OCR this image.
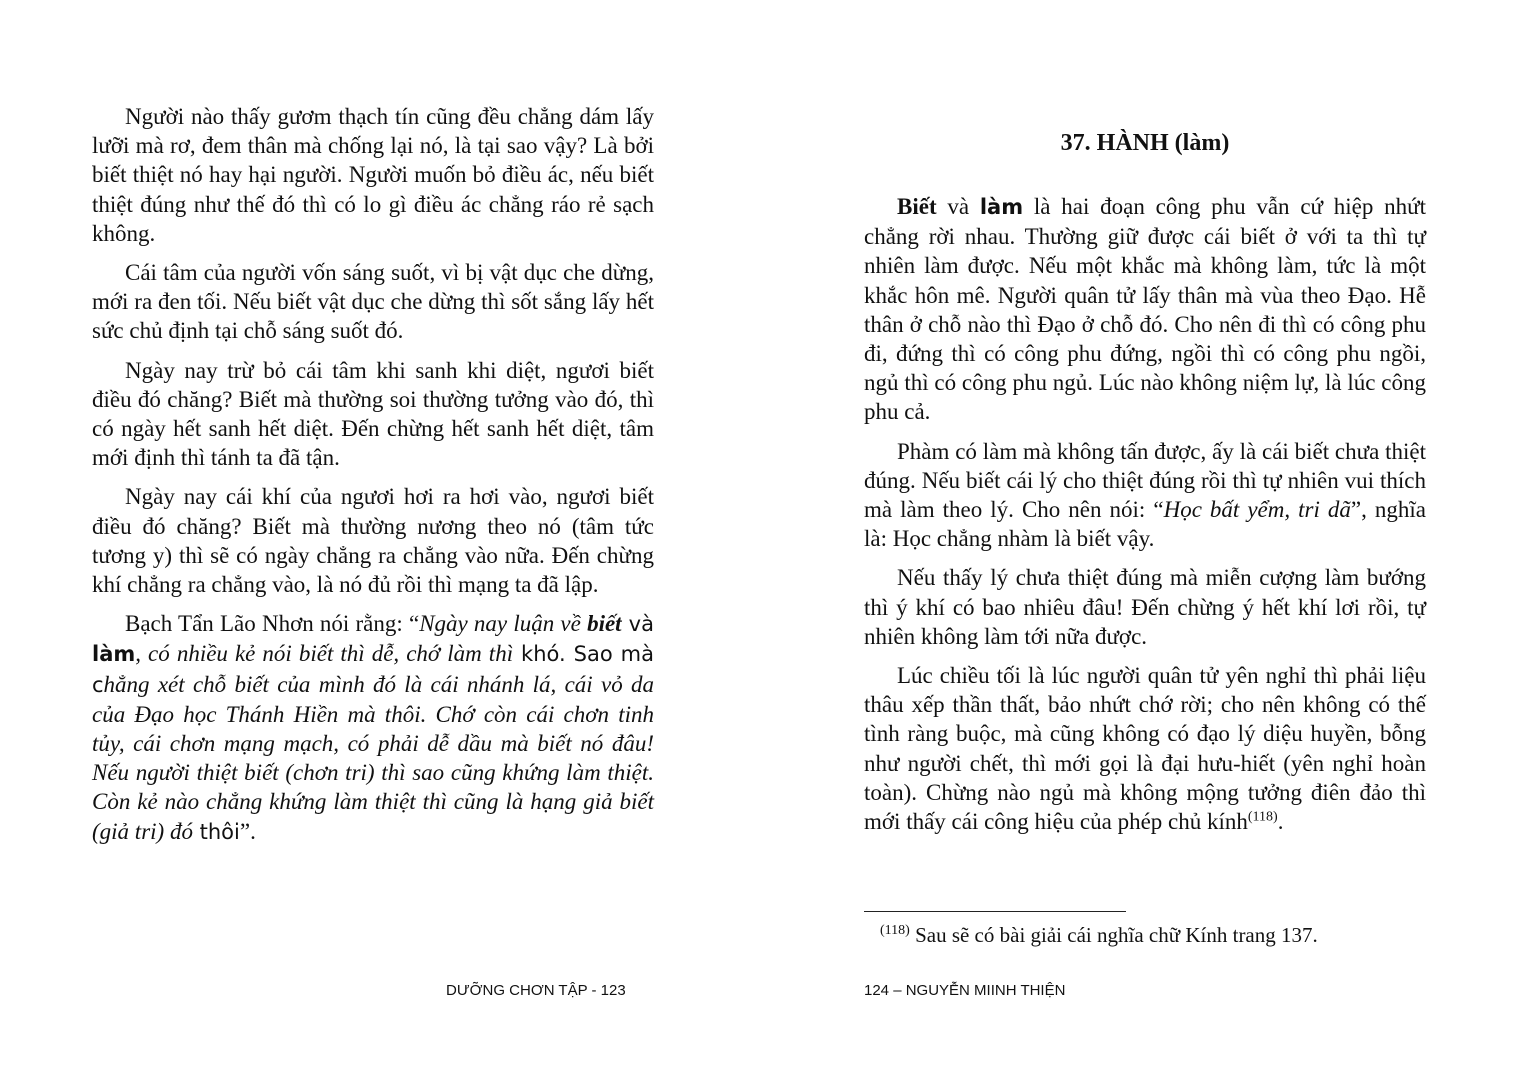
Người nào thấy gươm thạch tín cũng đều chẳng dám lấy lưỡi mà rơ, đem thân mà chống lại nó, là tại sao vậy? Là bởi biết thiệt nó hay hại người. Người muốn bỏ điều ác, nếu biết thiệt đúng như thế đó thì có lo gì điều ác chẳng ráo rẻ sạch không.

Cái tâm của người vốn sáng suốt, vì bị vật dục che dừng, mới ra đen tối. Nếu biết vật dục che dừng thì sốt sắng lấy hết sức chủ định tại chỗ sáng suốt đó.

Ngày nay trừ bỏ cái tâm khi sanh khi diệt, ngươi biết điều đó chăng? Biết mà thường soi thường tưởng vào đó, thì có ngày hết sanh hết diệt. Đến chừng hết sanh hết diệt, tâm mới định thì tánh ta đã tận.

Ngày nay cái khí của ngươi hơi ra hơi vào, ngươi biết điều đó chăng? Biết mà thường nương theo nó (tâm tức tương y) thì sẽ có ngày chẳng ra chẳng vào nữa. Đến chừng khí chẳng ra chẳng vào, là nó đủ rồi thì mạng ta đã lập.

Bạch Tẩn Lão Nhơn nói rằng: “Ngày nay luận về biết và làm, có nhiều kẻ nói biết thì dễ, chớ làm thì khó. Sao mà chẳng xét chỗ biết của mình đó là cái nhánh lá, cái vỏ da của Đạo học Thánh Hiền mà thôi. Chớ còn cái chơn tinh tủy, cái chơn mạng mạch, có phải dễ dầu mà biết nó đâu! Nếu người thiệt biết (chơn tri) thì sao cũng khứng làm thiệt. Còn kẻ nào chẳng khứng làm thiệt thì cũng là hạng giả biết (giả tri) đó thôi”.

DƯỠNG CHƠN TẬP - 123
37. HÀNH (làm)

Biết và làm là hai đoạn công phu vẫn cứ hiệp nhứt chẳng rời nhau. Thường giữ được cái biết ở với ta thì tự nhiên làm được. Nếu một khắc mà không làm, tức là một khắc hôn mê. Người quân tử lấy thân mà vùa theo Đạo. Hễ thân ở chỗ nào thì Đạo ở chỗ đó. Cho nên đi thì có công phu đi, đứng thì có công phu đứng, ngồi thì có công phu ngồi, ngủ thì có công phu ngủ. Lúc nào không niệm lự, là lúc công phu cả.

Phàm có làm mà không tấn được, ấy là cái biết chưa thiệt đúng. Nếu biết cái lý cho thiệt đúng rồi thì tự nhiên vui thích mà làm theo lý. Cho nên nói: “Học bất yểm, tri dã”, nghĩa là: Học chẳng nhàm là biết vậy.

Nếu thấy lý chưa thiệt đúng mà miễn cượng làm bướng thì ý khí có bao nhiêu đâu! Đến chừng ý hết khí lơi rồi, tự nhiên không làm tới nữa được.

Lúc chiều tối là lúc người quân tử yên nghỉ thì phải liệu thâu xếp thần thất, bảo nhứt chớ rời; cho nên không có thế tình ràng buộc, mà cũng không có đạo lý diệu huyền, bỗng như người chết, thì mới gọi là đại hưu-hiết (yên nghỉ hoàn toàn). Chừng nào ngủ mà không mộng tưởng điên đảo thì mới thấy cái công hiệu của phép chủ kính$^{(118)}$.

$^{(118)}$ Sau sẽ có bài giải cái nghĩa chữ Kính trang 137.
124 – NGUYỄN MIINH THIỆN
